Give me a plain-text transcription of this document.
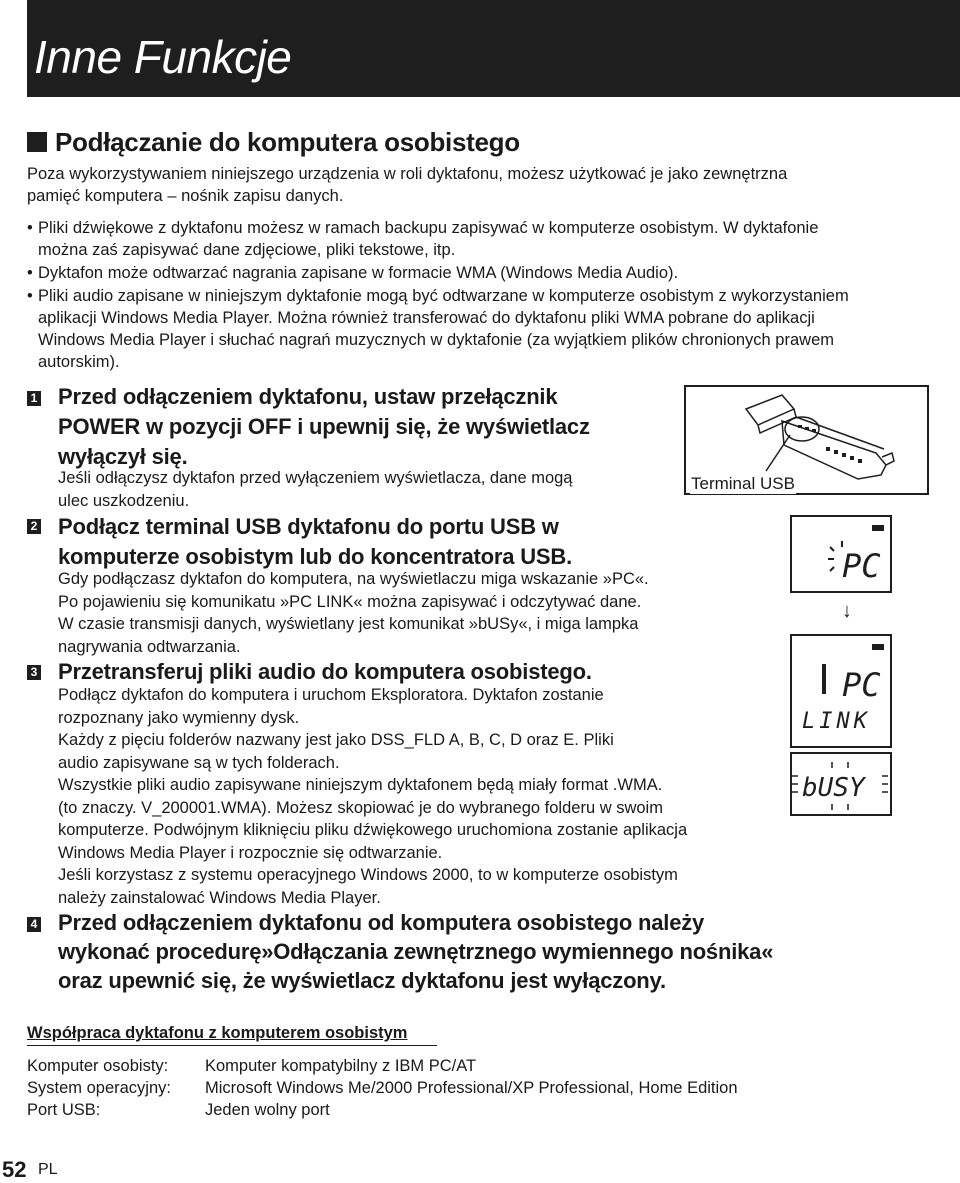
Inne Funkcje
Podłączanie do komputera osobistego
Poza wykorzystywaniem niniejszego urządzenia w roli dyktafonu, możesz użytkować je jako zewnętrzna
pamięć komputera – nośnik zapisu danych.
• Pliki dźwiękowe z dyktafonu możesz w ramach backupu zapisywać w komputerze osobistym. W dyktafonie
można zaś zapisywać dane zdjęciowe, pliki tekstowe, itp.
• Dyktafon może odtwarzać nagrania zapisane w formacie WMA (Windows Media Audio).
• Pliki audio zapisane w niniejszym dyktafonie mogą być odtwarzane w komputerze osobistym z wykorzystaniem
aplikacji Windows Media Player. Można również transferować do dyktafonu pliki WMA pobrane do aplikacji
Windows Media Player i słuchać nagrań muzycznych w dyktafonie (za wyjątkiem plików chronionych prawem
autorskim).
1 Przed odłączeniem dyktafonu, ustaw przełącznik
POWER w pozycji OFF i upewnij się, że wyświetlacz
wyłączył się.
Jeśli odłączysz dyktafon przed wyłączeniem wyświetlacza, dane mogą
ulec uszkodzeniu.
2 Podłącz terminal USB dyktafonu do portu USB w
komputerze osobistym lub do koncentratora USB.
Gdy podłączasz dyktafon do komputera, na wyświetlaczu miga wskazanie »PC«.
Po pojawieniu się komunikatu »PC LINK« można zapisywać i odczytywać dane.
W czasie transmisji danych, wyświetlany jest komunikat »bUSy«, i miga lampka
nagrywania odtwarzania.
3 Przetransferuj pliki audio do komputera osobistego.
Podłącz dyktafon do komputera i uruchom Eksploratora. Dyktafon zostanie
rozpoznany jako wymienny dysk.
Każdy z pięciu folderów nazwany jest jako DSS_FLD A, B, C, D oraz E. Pliki
audio zapisywane są w tych folderach.
Wszystkie pliki audio zapisywane niniejszym dyktafonem będą miały format .WMA.
(to znaczy. V_200001.WMA). Możesz skopiować je do wybranego folderu w swoim
komputerze. Podwójnym kliknięciu pliku dźwiękowego uruchomiona zostanie aplikacja
Windows Media Player i rozpocznie się odtwarzanie.
Jeśli korzystasz z systemu operacyjnego Windows 2000, to w komputerze osobistym
należy zainstalować Windows Media Player.
4 Przed odłączeniem dyktafonu od komputera osobistego należy
wykonać procedurę»Odłączania zewnętrznego wymiennego nośnika«
oraz upewnić się, że wyświetlacz dyktafonu jest wyłączony.
Terminal USB
PC
↓
PC
LINK
bUSY
Współpraca dyktafonu z komputerem osobistym
Komputer osobisty: Komputer kompatybilny z IBM PC/AT
System operacyjny: Microsoft Windows Me/2000 Professional/XP Professional, Home Edition
Port USB:	Jeden wolny port
52 PL
